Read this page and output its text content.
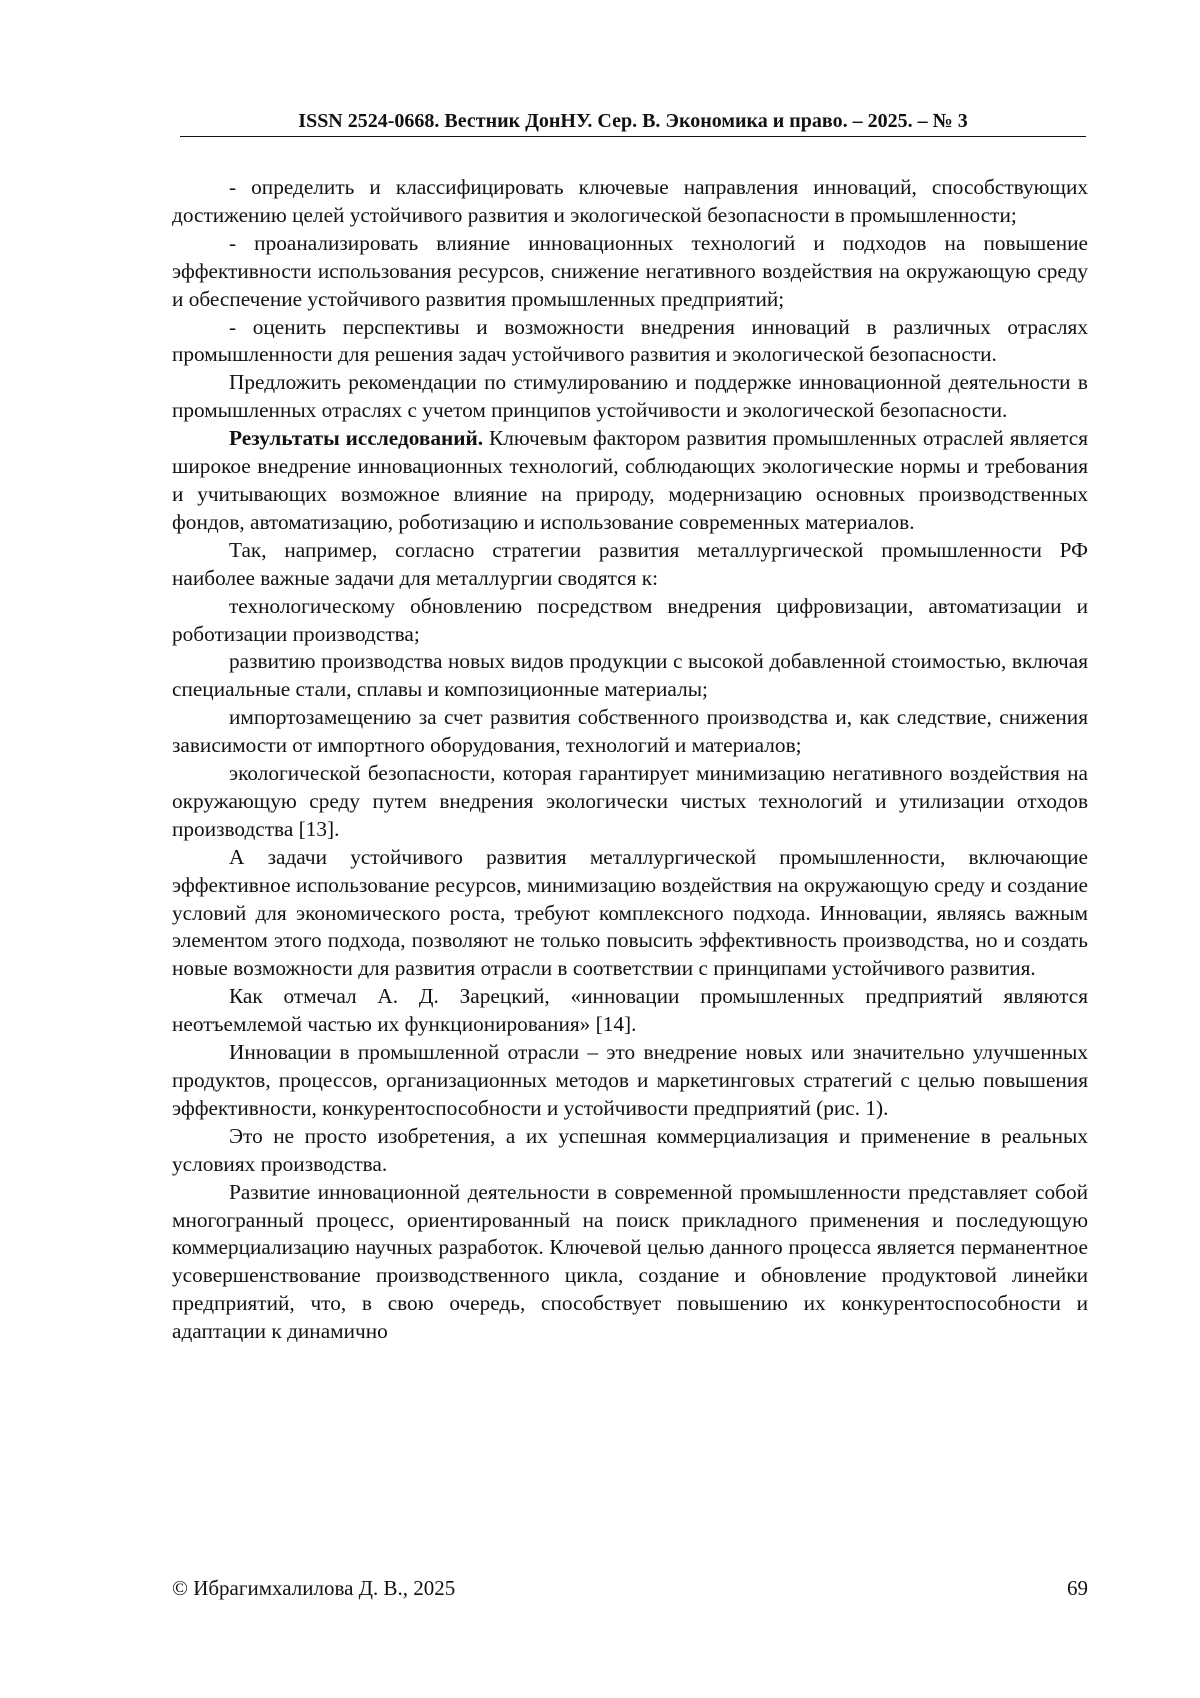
ISSN 2524-0668. Вестник ДонНУ. Сер. В. Экономика и право. – 2025. – № 3

- определить и классифицировать ключевые направления инноваций, способствующих достижению целей устойчивого развития и экологической безопасности в промышленности;

- проанализировать влияние инновационных технологий и подходов на повышение эффективности использования ресурсов, снижение негативного воздействия на окружающую среду и обеспечение устойчивого развития промышленных предприятий;

- оценить перспективы и возможности внедрения инноваций в различных отраслях промышленности для решения задач устойчивого развития и экологической безопасности.

Предложить рекомендации по стимулированию и поддержке инновационной деятельности в промышленных отраслях с учетом принципов устойчивости и экологической безопасности.

Результаты исследований. Ключевым фактором развития промышленных отраслей является широкое внедрение инновационных технологий, соблюдающих экологические нормы и требования и учитывающих возможное влияние на природу, модернизацию основных производственных фондов, автоматизацию, роботизацию и использование современных материалов.

Так, например, согласно стратегии развития металлургической промышленности РФ наиболее важные задачи для металлургии сводятся к:

технологическому обновлению посредством внедрения цифровизации, автоматизации и роботизации производства;

развитию производства новых видов продукции с высокой добавленной стоимостью, включая специальные стали, сплавы и композиционные материалы;

импортозамещению за счет развития собственного производства и, как следствие, снижения зависимости от импортного оборудования, технологий и материалов;

экологической безопасности, которая гарантирует минимизацию негативного воздействия на окружающую среду путем внедрения экологически чистых технологий и утилизации отходов производства [13].

А задачи устойчивого развития металлургической промышленности, включающие эффективное использование ресурсов, минимизацию воздействия на окружающую среду и создание условий для экономического роста, требуют комплексного подхода. Инновации, являясь важным элементом этого подхода, позволяют не только повысить эффективность производства, но и создать новые возможности для развития отрасли в соответствии с принципами устойчивого развития.

Как отмечал А. Д. Зарецкий, «инновации промышленных предприятий являются неотъемлемой частью их функционирования» [14].

Инновации в промышленной отрасли – это внедрение новых или значительно улучшенных продуктов, процессов, организационных методов и маркетинговых стратегий с целью повышения эффективности, конкурентоспособности и устойчивости предприятий (рис. 1).

Это не просто изобретения, а их успешная коммерциализация и применение в реальных условиях производства.

Развитие инновационной деятельности в современной промышленности представляет собой многогранный процесс, ориентированный на поиск прикладного применения и последующую коммерциализацию научных разработок. Ключевой целью данного процесса является перманентное усовершенствование производственного цикла, создание и обновление продуктовой линейки предприятий, что, в свою очередь, способствует повышению их конкурентоспособности и адаптации к динамично

© Ибрагимхалилова Д. В., 2025	69
